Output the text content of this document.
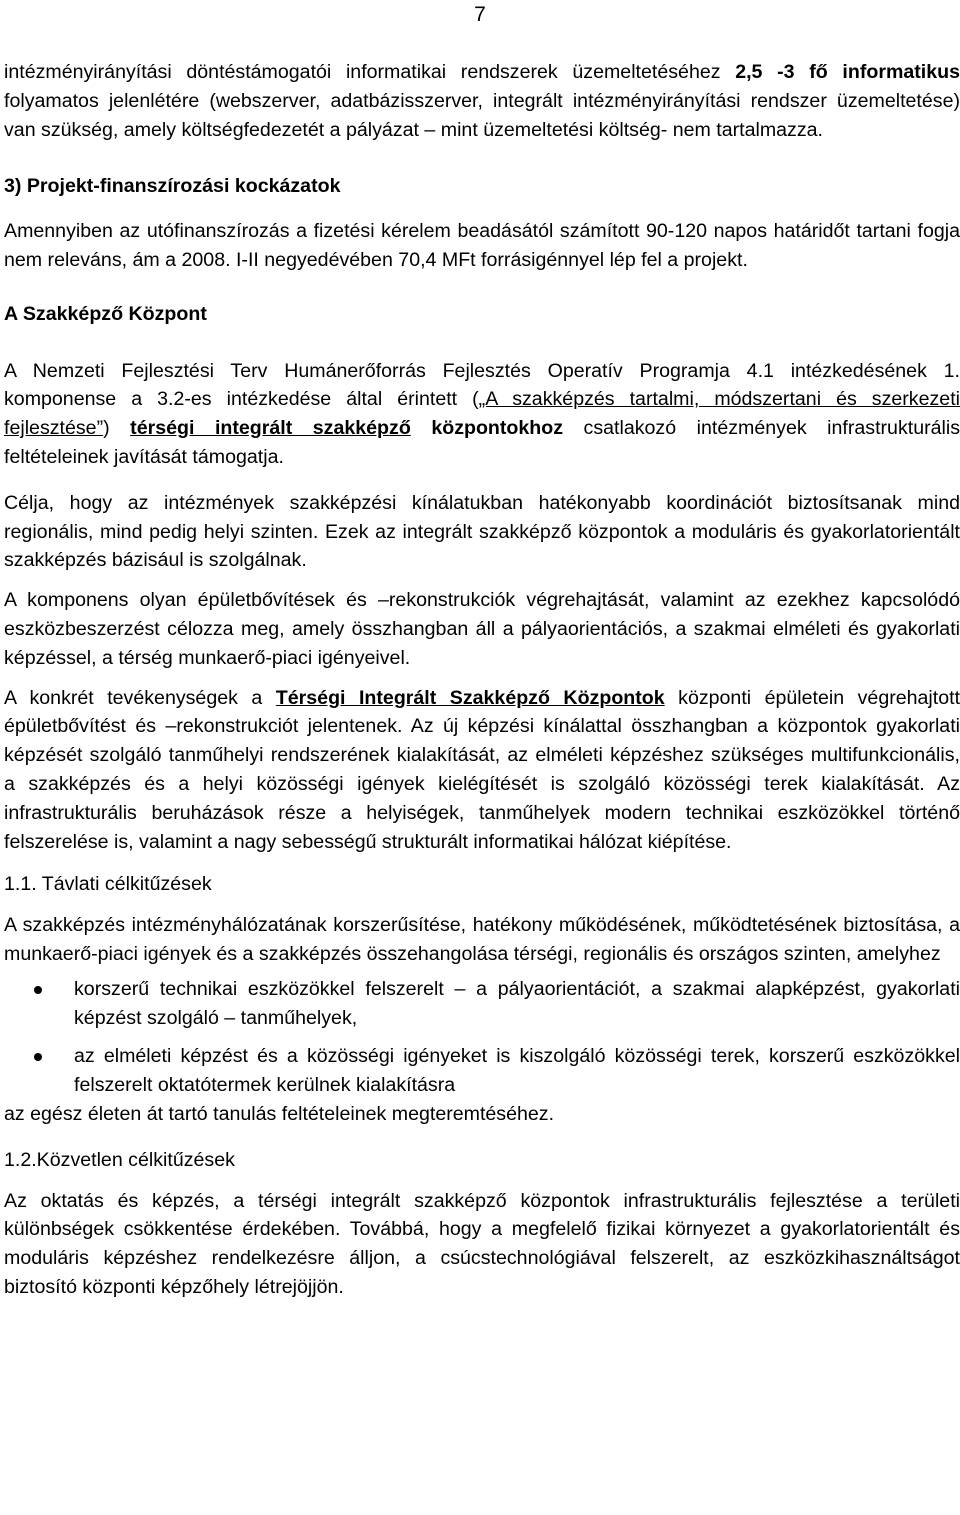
7

intézményirányítási döntéstámogatói informatikai rendszerek üzemeltetéséhez 2,5 -3 fő informatikus folyamatos jelenlétére (webszerver, adatbázisszerver, integrált intézményirányítási rendszer üzemeltetése) van szükség, amely költségfedezetét a pályázat – mint üzemeltetési költség- nem tartalmazza.

3) Projekt-finanszírozási kockázatok

Amennyiben az utófinanszírozás a fizetési kérelem beadásától számított 90-120 napos határidőt tartani fogja nem releváns, ám a 2008. I-II negyedévében 70,4 MFt forrásigénnyel lép fel a projekt.

A Szakképző Központ

A Nemzeti Fejlesztési Terv Humánerőforrás Fejlesztés Operatív Programja 4.1 intézkedésének 1. komponense a 3.2-es intézkedése által érintett („A szakképzés tartalmi, módszertani és szerkezeti fejlesztése”) térségi integrált szakképző központokhoz csatlakozó intézmények infrastrukturális feltételeinek javítását támogatja.

Célja, hogy az intézmények szakképzési kínálatukban hatékonyabb koordinációt biztosítsanak mind regionális, mind pedig helyi szinten. Ezek az integrált szakképző központok a moduláris és gyakorlatorientált szakképzés bázisául is szolgálnak.

A komponens olyan épületbővítések és –rekonstrukciók végrehajtását, valamint az ezekhez kapcsolódó eszközbeszerzést célozza meg, amely összhangban áll a pályaorientációs, a szakmai elméleti és gyakorlati képzéssel, a térség munkaerő-piaci igényeivel.

A konkrét tevékenységek a Térségi Integrált Szakképző Központok központi épületein végrehajtott épületbővítést és –rekonstrukciót jelentenek. Az új képzési kínálattal összhangban a központok gyakorlati képzését szolgáló tanműhelyi rendszerének kialakítását, az elméleti képzéshez szükséges multifunkcionális, a szakképzés és a helyi közösségi igények kielégítését is szolgáló közösségi terek kialakítását. Az infrastrukturális beruházások része a helyiségek, tanműhelyek modern technikai eszközökkel történő felszerelése is, valamint a nagy sebességű strukturált informatikai hálózat kiépítése.

1.1. Távlati célkitűzések

A szakképzés intézményhálózatának korszerűsítése, hatékony működésének, működtetésének biztosítása, a munkaerő-piaci igények és a szakképzés összehangolása térségi, regionális és országos szinten, amelyhez

korszerű technikai eszközökkel felszerelt – a pályaorientációt, a szakmai alapképzést, gyakorlati képzést szolgáló – tanműhelyek,
az elméleti képzést és a közösségi igényeket is kiszolgáló közösségi terek, korszerű eszközökkel felszerelt oktatótermek kerülnek kialakításra

az egész életen át tartó tanulás feltételeinek megteremtéséhez.

1.2.Közvetlen célkitűzések

Az oktatás és képzés, a térségi integrált szakképző központok infrastrukturális fejlesztése a területi különbségek csökkentése érdekében. Továbbá, hogy a megfelelő fizikai környezet a gyakorlatorientált és moduláris képzéshez rendelkezésre álljon, a csúcstechnológiával felszerelt, az eszközkihasználtságot biztosító központi képzőhely létrejöjjön.
